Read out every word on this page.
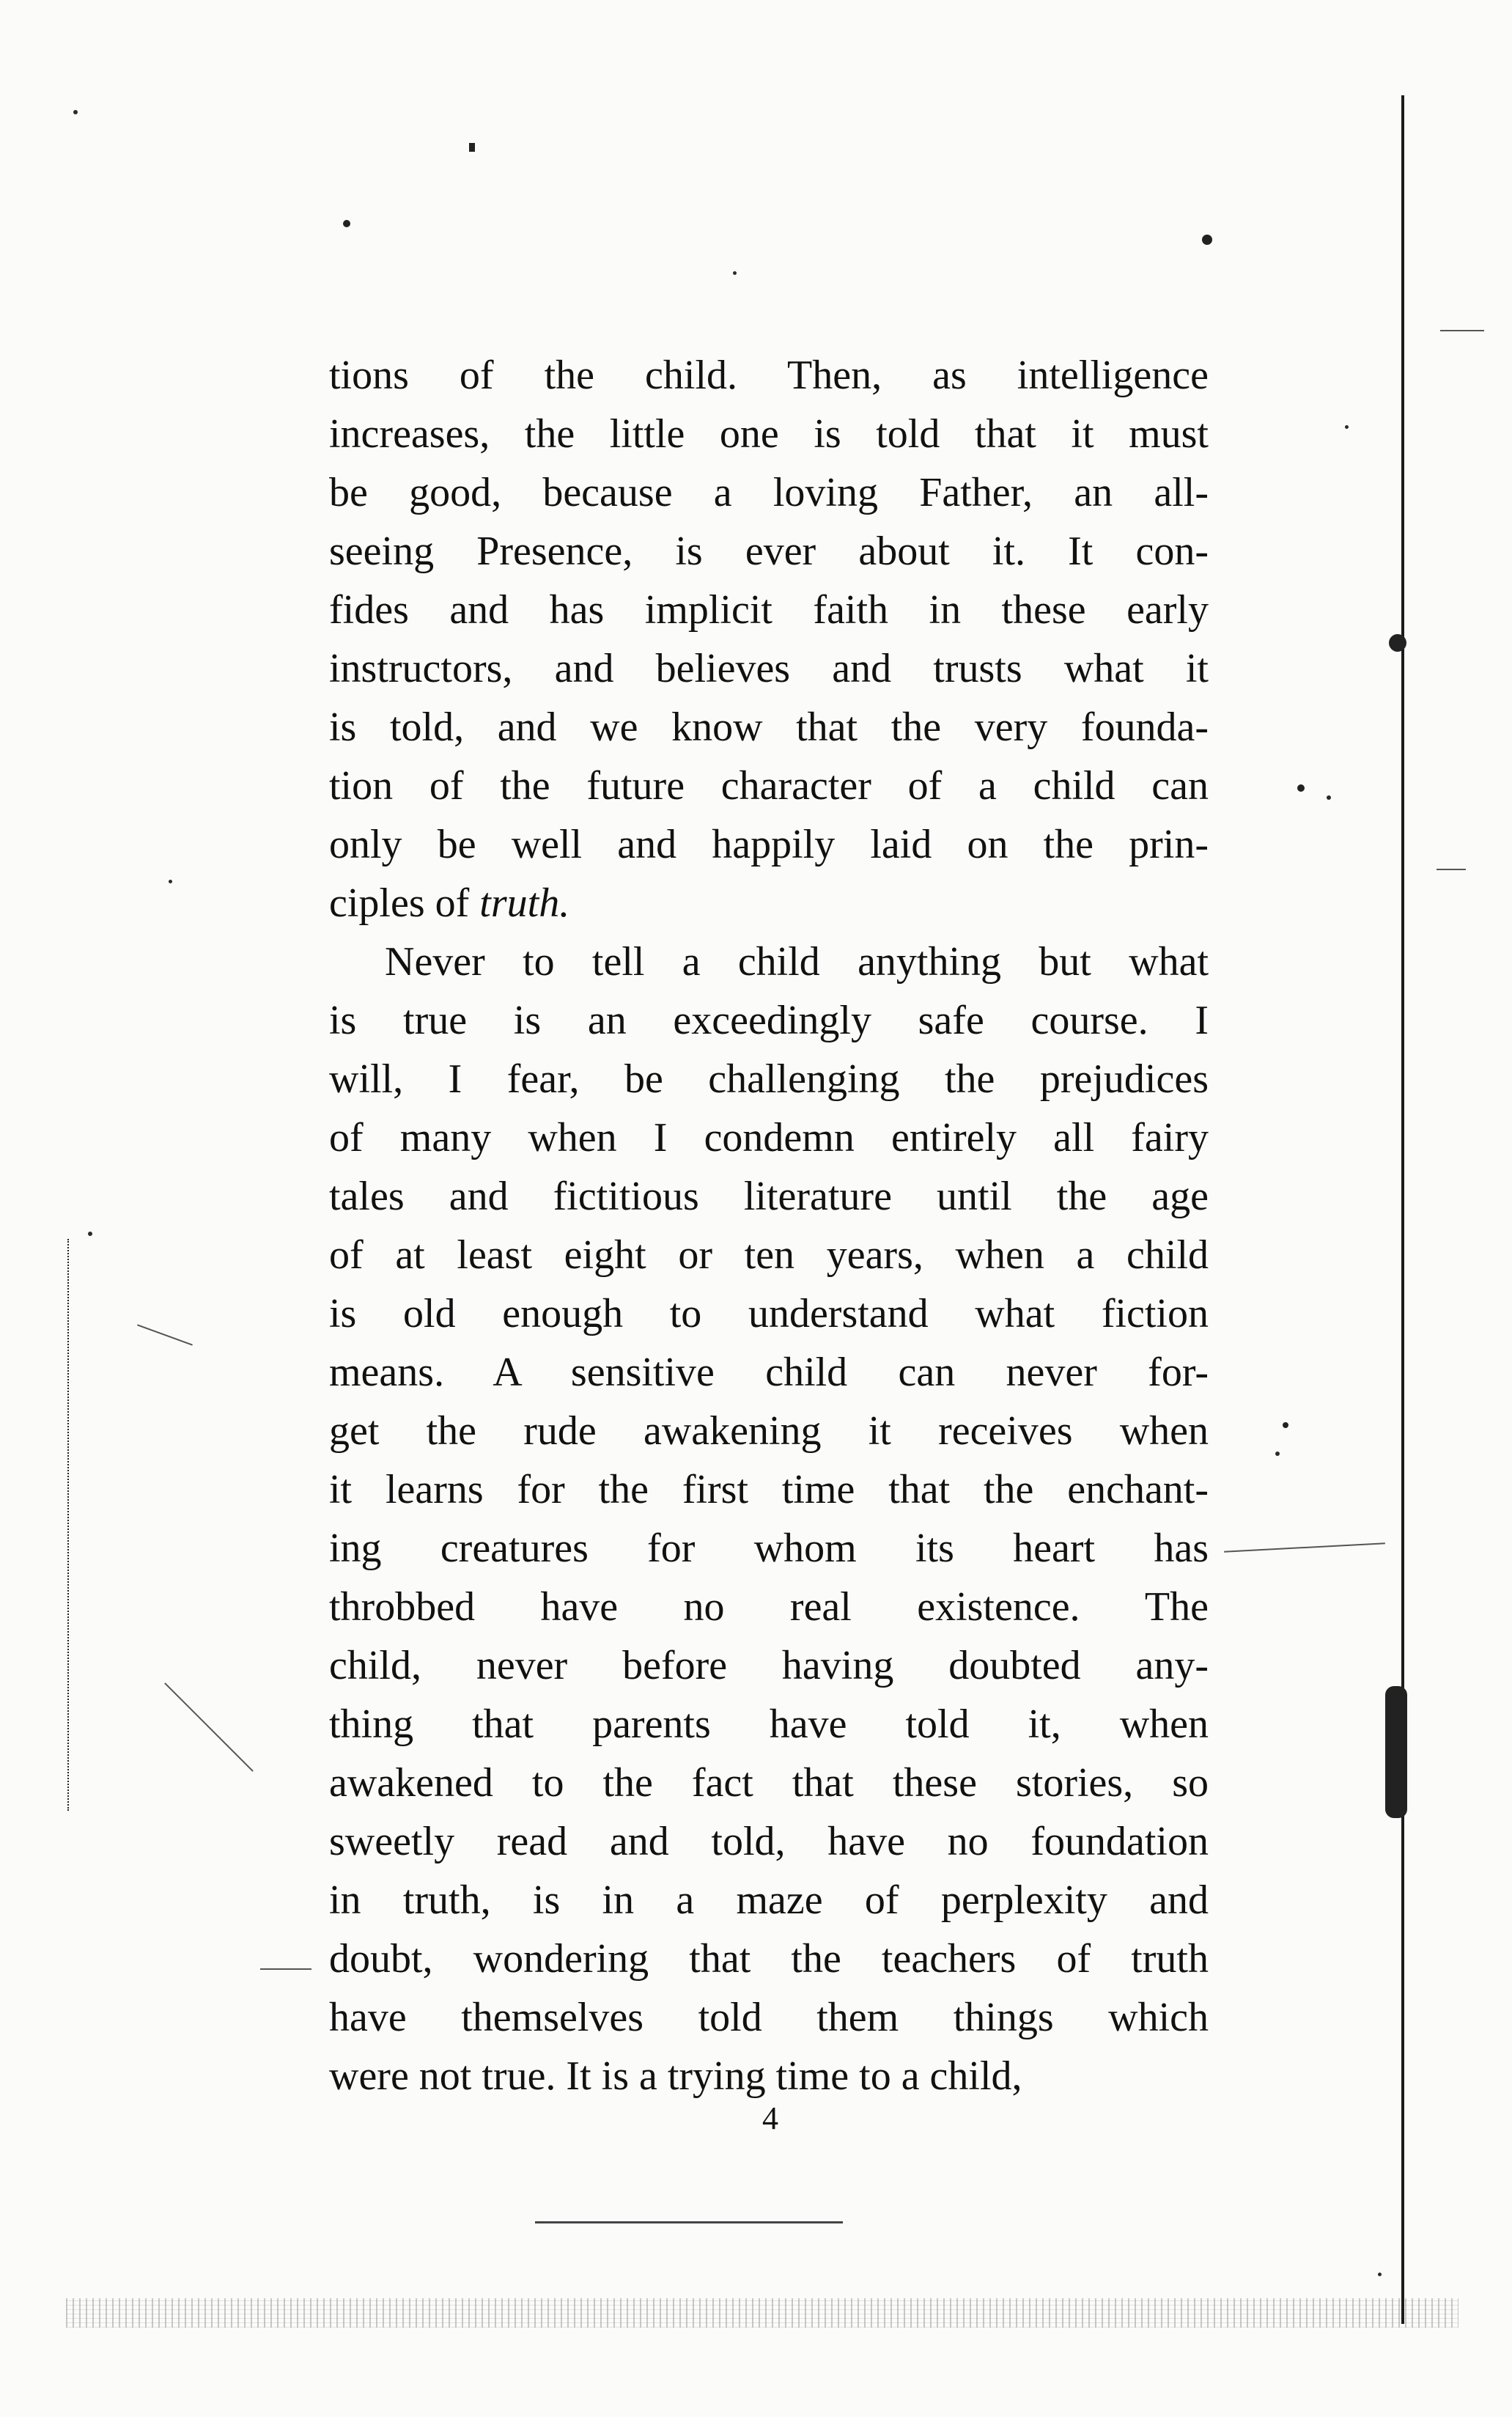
tions of the child. Then, as intelligence
increases, the little one is told that it must
be good, because a loving Father, an all-
seeing Presence, is ever about it. It con-
fides and has implicit faith in these early
instructors, and believes and trusts what it
is told, and we know that the very founda-
tion of the future character of a child can
only be well and happily laid on the prin-
ciples of truth.
Never to tell a child anything but what
is true is an exceedingly safe course. I
will, I fear, be challenging the prejudices
of many when I condemn entirely all fairy
tales and fictitious literature until the age
of at least eight or ten years, when a child
is old enough to understand what fiction
means. A sensitive child can never for-
get the rude awakening it receives when
it learns for the first time that the enchant-
ing creatures for whom its heart has
throbbed have no real existence. The
child, never before having doubted any-
thing that parents have told it, when
awakened to the fact that these stories, so
sweetly read and told, have no foundation
in truth, is in a maze of perplexity and
doubt, wondering that the teachers of truth
have themselves told them things which
were not true. It is a trying time to a child,
4
